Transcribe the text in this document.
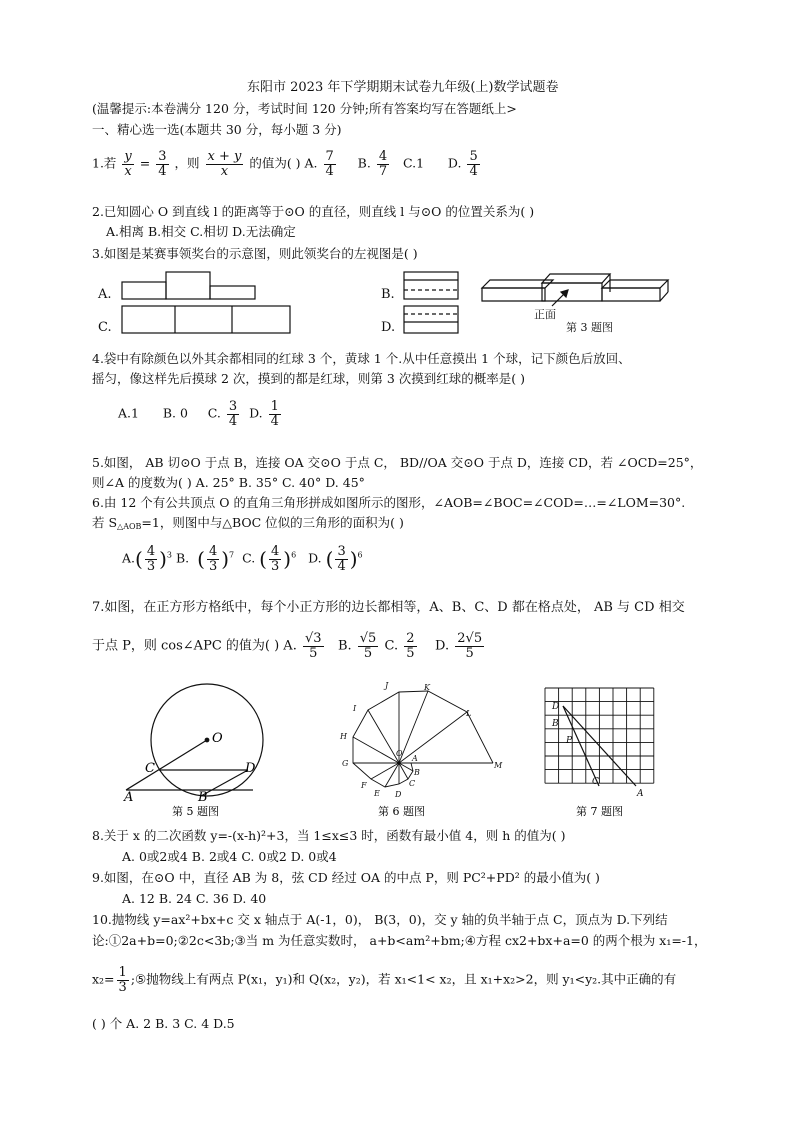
东阳市 2023 年下学期期末试卷九年级(上)数学试题卷
(温馨提示:本卷满分 120 分，考试时间 120 分钟;所有答案均写在答题纸上>
一、精心选一选(本题共 30 分，每小题 3 分)
1.若 $\frac{y}{x} = \frac{3}{4}$ ，则 $\frac{x + y}{x}$ 的值为( ) A. $\frac{7}{4} B$. $\frac{4}{7} C.1$ D. $\frac{5}{4}$
2.已知圆心 O 到直线 l 的距离等于⊙O 的直径，则直线 l 与⊙O 的位置关系为( )
A.相离 B.相交 C.相切 D.无法确定
3.如图是某赛事领奖台的示意图，则此领奖台的左视图是( )
A.
C.
B.
D.
正面
第 3 题图
4.袋中有除颜色以外其余都相同的红球 3 个，黄球 1 个.从中任意摸出 1 个球，记下颜色后放回、
摇匀，像这样先后摸球 2 次，摸到的都是红球，则第 3 次摸到红球的概率是( )
A.1 B. 0 C. $\frac{3}{4} D$. $\frac{1}{4}$
5.如图， AB 切⊙O 于点 B，连接 OA 交⊙O 于点 C， BD//OA 交⊙O 于点 D，连接 CD，若 ∠OCD=25°，
则∠A 的度数为( ) A. 25° B. 35° C. 40° D. 45°
6.由 12 个有公共顶点 O 的直角三角形拼成如图所示的图形，∠AOB=∠BOC=∠COD=…=∠LOM=30°.
若 $S_{\triangle AOB}=1$，则图中与△BOC 位似的三角形的面积为( )
$A.( \frac{4}{3} )^3$ B. ( $\frac{4}{3} )^7$ C. ( $\frac{4}{3} )^6$ D. ( $\frac{3}{4} )^6$
7.如图，在正方形方格纸中，每个小正方形的边长都相等，A、B、C、D 都在格点处， AB 与 CD 相交
于点 P，则 cos∠APC 的值为( ) A. $\frac{√3}{5} B$. $\frac{√5}{5} C$. $\frac{2}{5} D$. $\frac{2√5}{5}$
O
C	D
A	B
第 5 题图
J	K
I
L
H
O
G	M
F
A
B
E
C
D
第 6 题图
D
B
P
C
A
第 7 题图
8.关于 x 的二次函数 y=-(x-h)²+3，当 1≤x≤3 时，函数有最小值 4，则 h 的值为( )
A. 0或2或4 B. 2或4 C. 0或2 D. 0或4
9.如图，在⊙O 中，直径 AB 为 8，弦 CD 经过 OA 的中点 P，则 PC²+PD² 的最小值为( )
A. 12 B. 24 C. 36 D. 40
10.抛物线 y=ax²+bx+c 交 x 轴点于 A(-1，0)， B(3，0)，交 y 轴的负半轴于点 C，顶点为 D.下列结
论:①2a+b=0;②2c<3b;③当 m 为任意实数时， a+b<am²+bm;④方程 cx2+bx+a=0 的两个根为 x₁=-1，
$x_2= \frac{1}{3}$ ;⑤抛物线上有两点 P(x₁，y₁)和 Q(x₂，y₂)，若 x₁<1< x₂，且 x₁+x₂>2，则 y₁<y₂.其中正确的有
( ) 个 A. 2 B. 3 C. 4 D.5
